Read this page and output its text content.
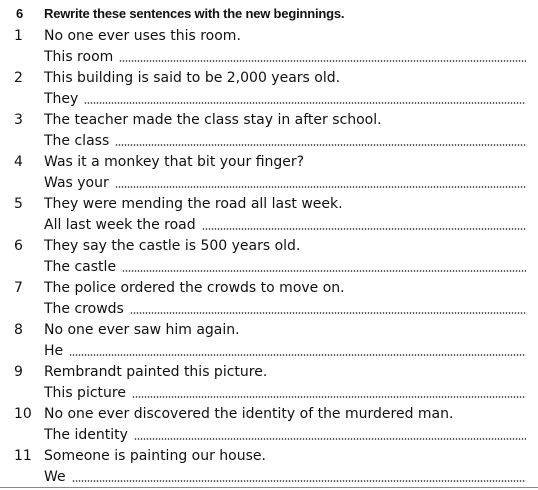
6	Rewrite these sentences with the new beginnings.
1 No one ever uses this room.
This room
2 This building is said to be 2,000 years old.
They
3 The teacher made the class stay in after school.
The class
4 Was it a monkey that bit your finger?
Was your
5 They were mending the road all last week.
All last week the road
6 They say the castle is 500 years old.
The castle
7 The police ordered the crowds to move on.
The crowds
8 No one ever saw him again.
He
9 Rembrandt painted this picture.
This picture
10 No one ever discovered the identity of the murdered man.
The identity
11 Someone is painting our house.
We
